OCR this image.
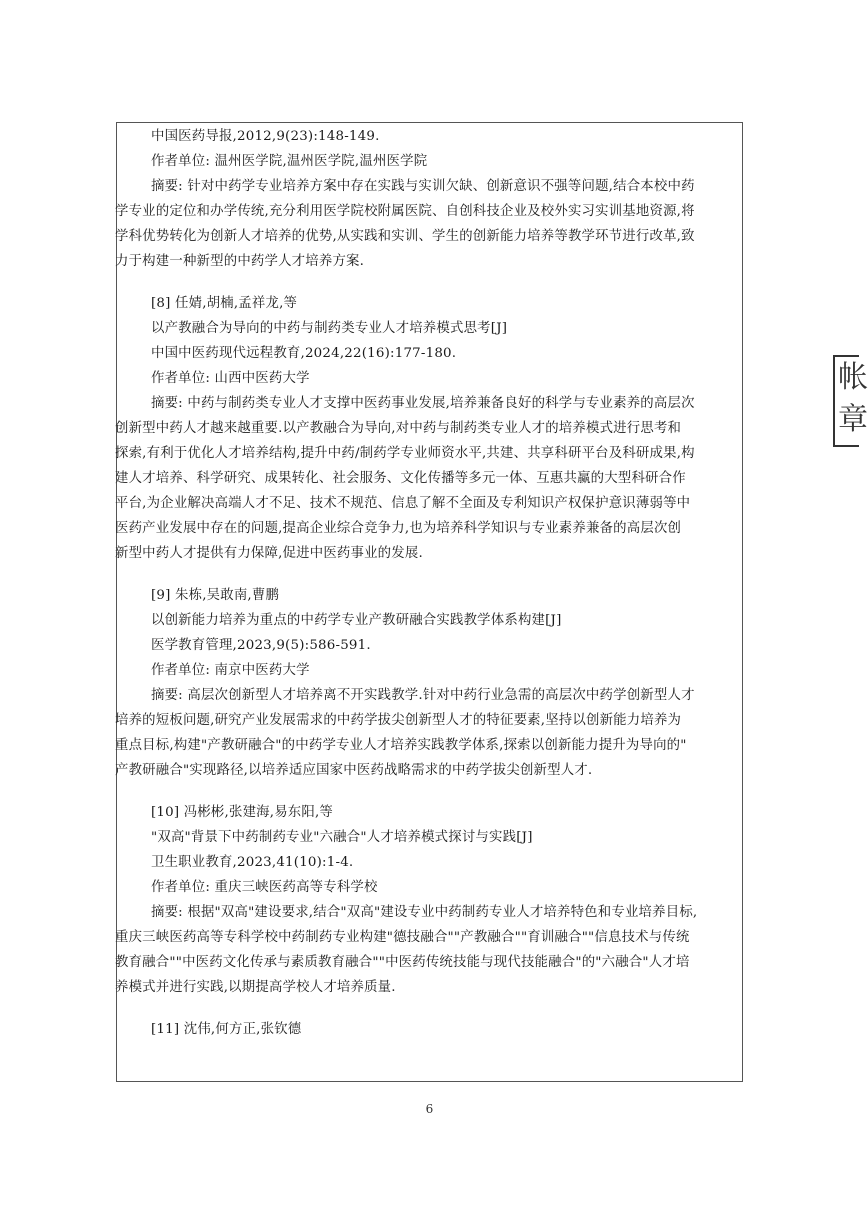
中国医药导报,2012,9(23):148-149.
作者单位: 温州医学院,温州医学院,温州医学院
摘要: 针对中药学专业培养方案中存在实践与实训欠缺、创新意识不强等问题,结合本校中药
学专业的定位和办学传统,充分利用医学院校附属医院、自创科技企业及校外实习实训基地资源,将
学科优势转化为创新人才培养的优势,从实践和实训、学生的创新能力培养等教学环节进行改革,致
力于构建一种新型的中药学人才培养方案.
[8] 任婧,胡楠,孟祥龙,等
以产教融合为导向的中药与制药类专业人才培养模式思考[J]
中国中医药现代远程教育,2024,22(16):177-180.
作者单位: 山西中医药大学
摘要: 中药与制药类专业人才支撑中医药事业发展,培养兼备良好的科学与专业素养的高层次
创新型中药人才越来越重要.以产教融合为导向,对中药与制药类专业人才的培养模式进行思考和
探索,有利于优化人才培养结构,提升中药/制药学专业师资水平,共建、共享科研平台及科研成果,构
建人才培养、科学研究、成果转化、社会服务、文化传播等多元一体、互惠共赢的大型科研合作
平台,为企业解决高端人才不足、技术不规范、信息了解不全面及专利知识产权保护意识薄弱等中
医药产业发展中存在的问题,提高企业综合竞争力,也为培养科学知识与专业素养兼备的高层次创
新型中药人才提供有力保障,促进中医药事业的发展.
[9] 朱栋,吴敢南,曹鹏
以创新能力培养为重点的中药学专业产教研融合实践教学体系构建[J]
医学教育管理,2023,9(5):586-591.
作者单位: 南京中医药大学
摘要: 高层次创新型人才培养离不开实践教学.针对中药行业急需的高层次中药学创新型人才
培养的短板问题,研究产业发展需求的中药学拔尖创新型人才的特征要素,坚持以创新能力培养为
重点目标,构建"产教研融合"的中药学专业人才培养实践教学体系,探索以创新能力提升为导向的"
产教研融合"实现路径,以培养适应国家中医药战略需求的中药学拔尖创新型人才.
[10] 冯彬彬,张建海,易东阳,等
"双高"背景下中药制药专业"六融合"人才培养模式探讨与实践[J]
卫生职业教育,2023,41(10):1-4.
作者单位: 重庆三峡医药高等专科学校
摘要: 根据"双高"建设要求,结合"双高"建设专业中药制药专业人才培养特色和专业培养目标,
重庆三峡医药高等专科学校中药制药专业构建"德技融合""产教融合""育训融合""信息技术与传统
教育融合""中医药文化传承与素质教育融合""中医药传统技能与现代技能融合"的"六融合"人才培
养模式并进行实践,以期提高学校人才培养质量.
[11] 沈伟,何方正,张钦德
6
帐
章
